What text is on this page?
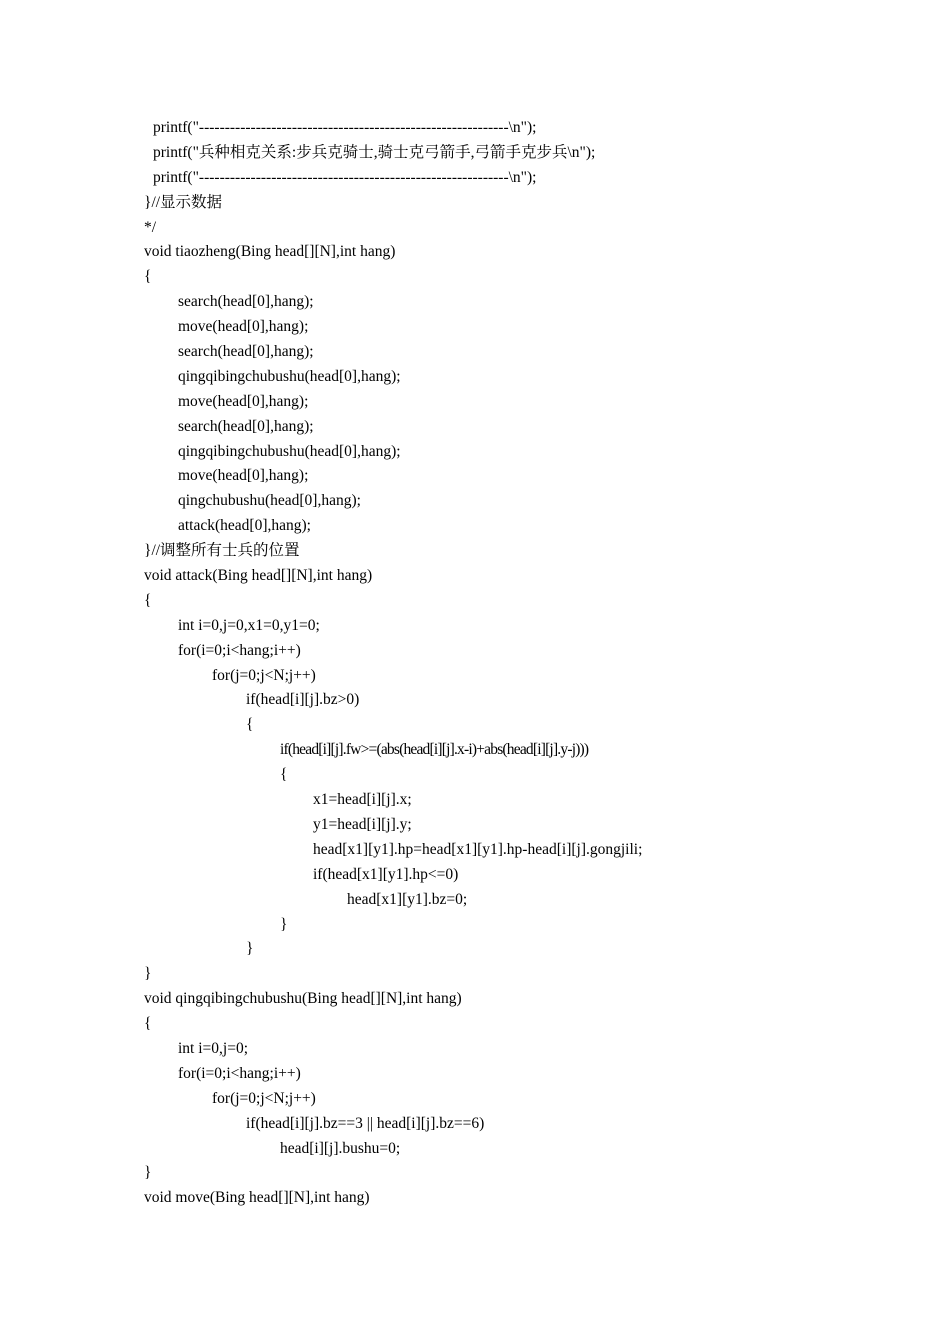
printf("------------------------------------------------------------\n");
printf("兵种相克关系:步兵克骑士,骑士克弓箭手,弓箭手克步兵\n");
printf("------------------------------------------------------------\n");
}//显示数据
*/
void tiaozheng(Bing head[][N],int hang)
{
search(head[0],hang);
move(head[0],hang);
search(head[0],hang);
qingqibingchubushu(head[0],hang);
move(head[0],hang);
search(head[0],hang);
qingqibingchubushu(head[0],hang);
move(head[0],hang);
qingchubushu(head[0],hang);
attack(head[0],hang);
}//调整所有士兵的位置
void attack(Bing head[][N],int hang)
{
int i=0,j=0,x1=0,y1=0;
for(i=0;i<hang;i++)
for(j=0;j<N;j++)
if(head[i][j].bz>0)
{
if(head[i][j].fw>=(abs(head[i][j].x-i)+abs(head[i][j].y-j)))
{
x1=head[i][j].x;
y1=head[i][j].y;
head[x1][y1].hp=head[x1][y1].hp-head[i][j].gongjili;
if(head[x1][y1].hp<=0)
head[x1][y1].bz=0;
}
}
}
void qingqibingchubushu(Bing head[][N],int hang)
{
int i=0,j=0;
for(i=0;i<hang;i++)
for(j=0;j<N;j++)
if(head[i][j].bz==3 || head[i][j].bz==6)
head[i][j].bushu=0;
}
void move(Bing head[][N],int hang)
